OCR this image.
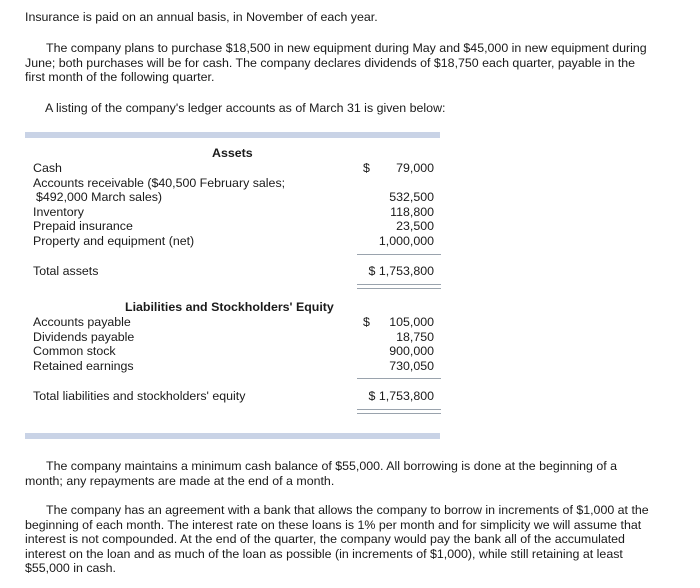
Insurance is paid on an annual basis, in November of each year.
The company plans to purchase $18,500 in new equipment during May and $45,000 in new equipment during June; both purchases will be for cash. The company declares dividends of $18,750 each quarter, payable in the first month of the following quarter.
A listing of the company's ledger accounts as of March 31 is given below:
Assets
Cash	$	79,000
Accounts receivable ($40,500 February sales;
$492,000 March sales)	532,500
Inventory	118,800
Prepaid insurance	23,500
Property and equipment (net)	1,000,000
Total assets	$ 1,753,800
Liabilities and Stockholders' Equity
Accounts payable	$	105,000
Dividends payable	18,750
Common stock	900,000
Retained earnings	730,050
Total liabilities and stockholders' equity	$ 1,753,800
The company maintains a minimum cash balance of $55,000. All borrowing is done at the beginning of a month; any repayments are made at the end of a month.
The company has an agreement with a bank that allows the company to borrow in increments of $1,000 at the beginning of each month. The interest rate on these loans is 1% per month and for simplicity we will assume that interest is not compounded. At the end of the quarter, the company would pay the bank all of the accumulated interest on the loan and as much of the loan as possible (in increments of $1,000), while still retaining at least $55,000 in cash.
